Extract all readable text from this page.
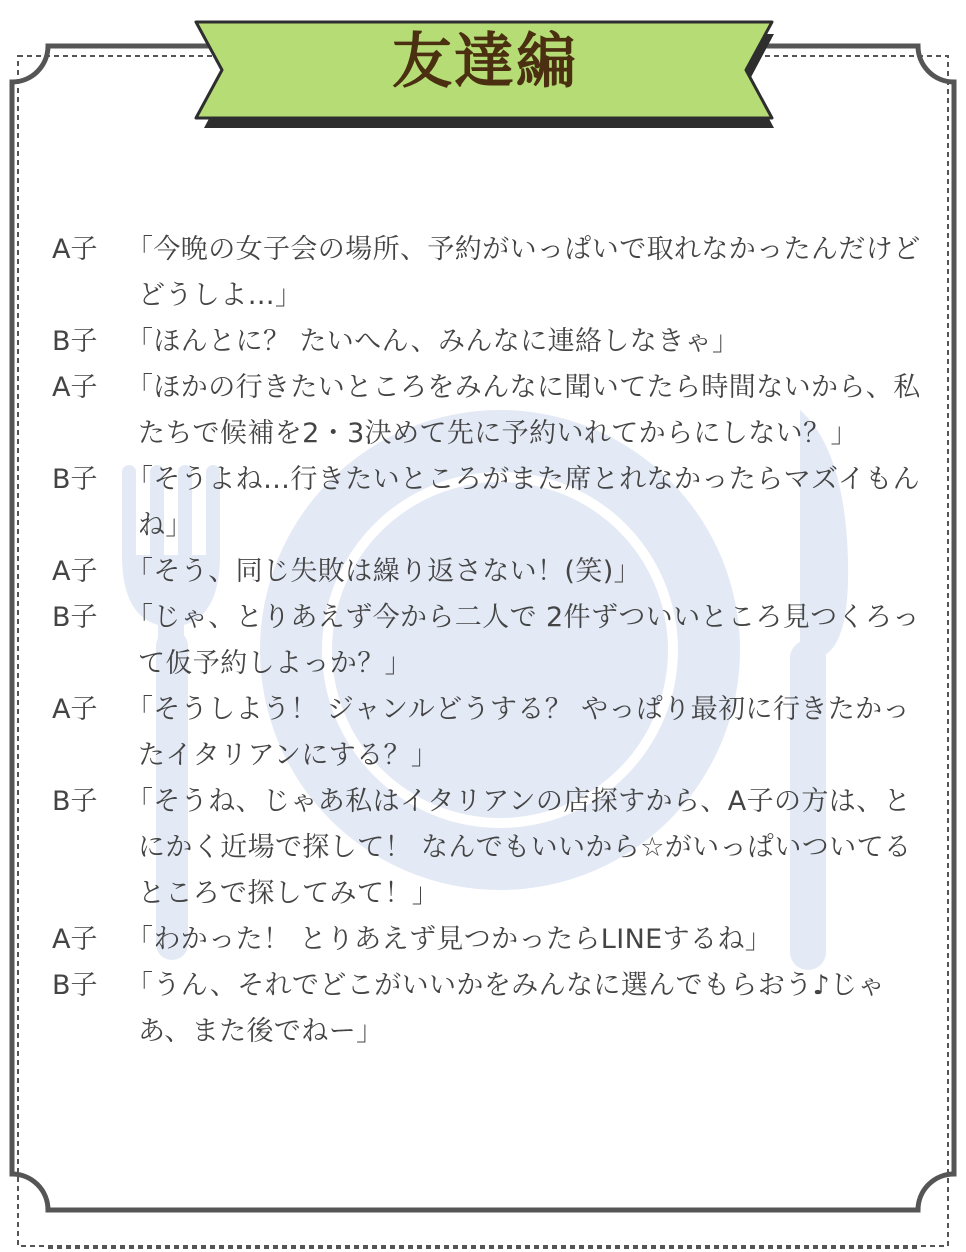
友達編
A子	「今晩の女子会の場所、予約がいっぱいで取れなかったんだけどどうしよ…」
B子	「ほんとに？ たいへん、みんなに連絡しなきゃ」
A子	「ほかの行きたいところをみんなに聞いてたら時間ないから、私たちで候補を2・3決めて先に予約いれてからにしない？」
B子	「そうよね…行きたいところがまた席とれなかったらマズイもんね」
A子	「そう、同じ失敗は繰り返さない！(笑)」
B子	「じゃ、とりあえず今から二人で 2件ずついいところ見つくろって仮予約しよっか？」
A子	「そうしよう！ ジャンルどうする？ やっぱり最初に行きたかったイタリアンにする？」
B子	「そうね、じゃあ私はイタリアンの店探すから、A子の方は、とにかく近場で探して！ なんでもいいから☆がいっぱいついてるところで探してみて！」
A子	「わかった！ とりあえず見つかったらLINEするね」
B子	「うん、それでどこがいいかをみんなに選んでもらおう♪じゃあ、また後でねー」
